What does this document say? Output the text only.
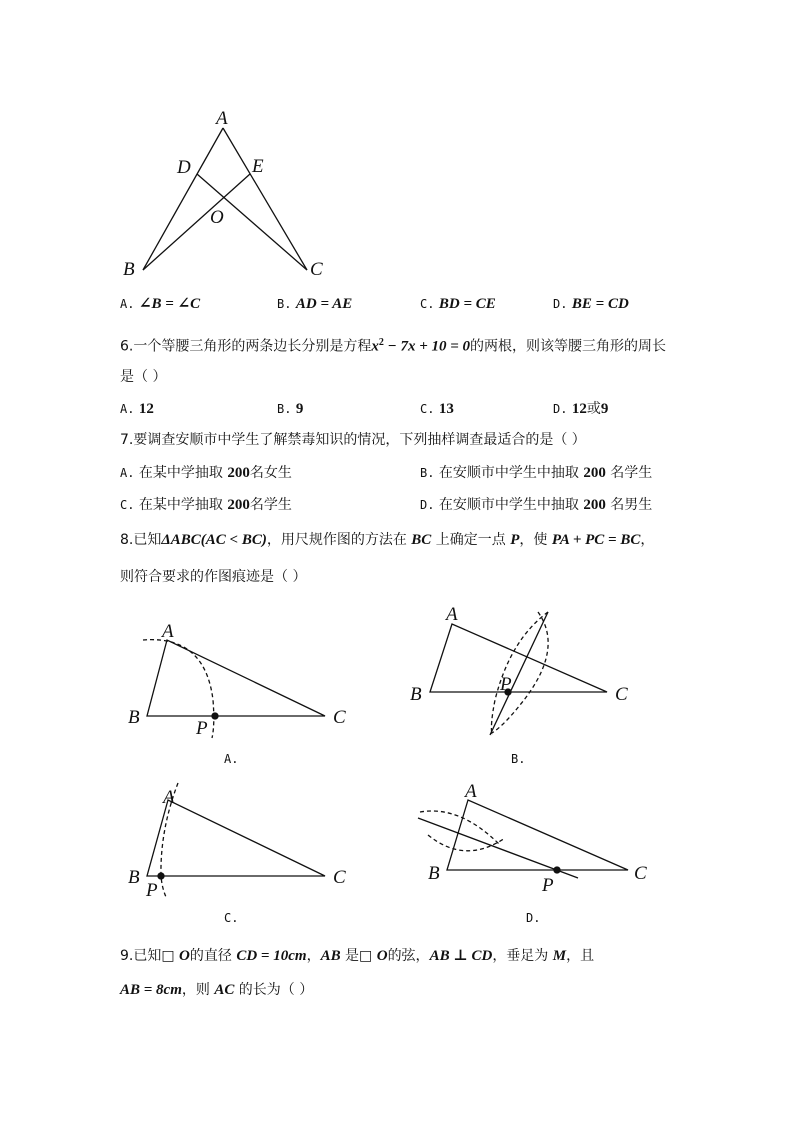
A
D	E
O
B	C
A
B	C
P
A.
A
B	C
P
B.
A
B	C
P
C.
A
B	C
P
D.
A. ∠B = ∠C	B. AD = AE	C. BD = CE	D. BE = CD
6.一个等腰三角形的两条边长分别是方程$x^2 - 7x + 10 = 0$的两根，则该等腰三角形的周长
是（ ）
A. 12	B. 9	C. 13	D. 12或9
7.要调查安顺市中学生了解禁毒知识的情况，下列抽样调查最适合的是（ ）
A. 在某中学抽取 200名女生	B. 在安顺市中学生中抽取 200 名学生
C. 在某中学抽取 200名学生	D. 在安顺市中学生中抽取 200 名男生
8.已知ΔABC(AC < BC)，用尺规作图的方法在 BC 上确定一点 P，使 PA + PC = BC，
则符合要求的作图痕迹是（ ）
9.已知□ O的直径 CD = 10cm，AB 是□ O的弦，AB ⊥ CD，垂足为 M，且
AB = 8cm，则 AC 的长为（ ）
